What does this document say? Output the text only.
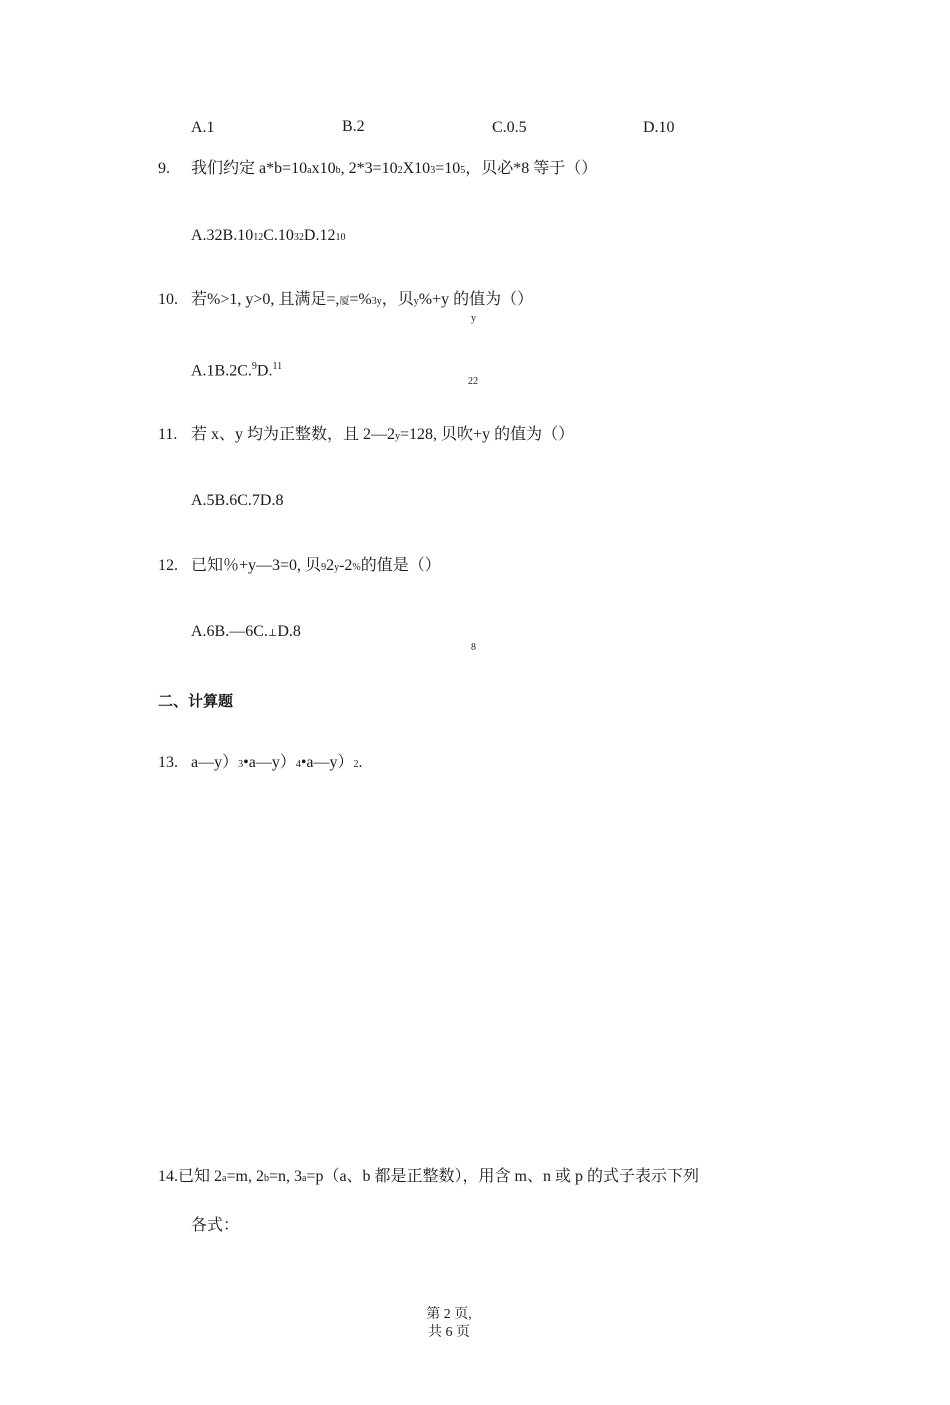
A.1	B.2	C.0.5	D.10
9. 我们约定 a*b=10ax10b, 2*3=102X103=105，贝必*8 等于（）
A.32B.1012C.1032D.1210
10. 若%>1, y>0, 且满足=,厦=%3y，贝y%+y 的值为（）
y
A.1B.2C.$^9$D.$^{11}$
22
11. 若 x、y 均为正整数，且 2—2y=128, 贝吹+y 的值为（）
A.5B.6C.7D.8
12. 已知％+y—3=0, 贝92y-2%的值是（）
A.6B.—6C.⊥D.8
8
二、计算题
13. a—y）3•a—y）4•a—y）2.
14.已知 2a=m, 2b=n, 3a=p（a、b 都是正整数），用含 m、n 或 p 的式子表示下列
各式：
第 2 页,
共 6 页
